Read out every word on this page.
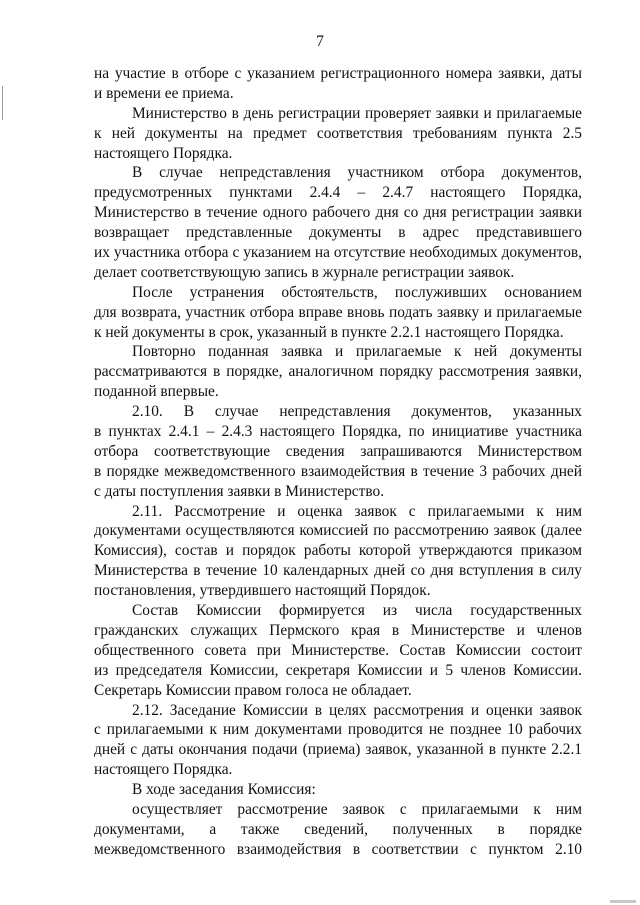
7
на участие в отборе с указанием регистрационного номера заявки, даты
и времени ее приема.
Министерство в день регистрации проверяет заявки и прилагаемые
к ней документы на предмет соответствия требованиям пункта 2.5
настоящего Порядка.
В случае непредставления участником отбора документов,
предусмотренных пунктами 2.4.4 – 2.4.7 настоящего Порядка,
Министерство в течение одного рабочего дня со дня регистрации заявки
возвращает представленные документы в адрес представившего
их участника отбора с указанием на отсутствие необходимых документов,
делает соответствующую запись в журнале регистрации заявок.
После устранения обстоятельств, послуживших основанием
для возврата, участник отбора вправе вновь подать заявку и прилагаемые
к ней документы в срок, указанный в пункте 2.2.1 настоящего Порядка.
Повторно поданная заявка и прилагаемые к ней документы
рассматриваются в порядке, аналогичном порядку рассмотрения заявки,
поданной впервые.
2.10. В случае непредставления документов, указанных
в пунктах 2.4.1 – 2.4.3 настоящего Порядка, по инициативе участника
отбора соответствующие сведения запрашиваются Министерством
в порядке межведомственного взаимодействия в течение 3 рабочих дней
с даты поступления заявки в Министерство.
2.11. Рассмотрение и оценка заявок с прилагаемыми к ним
документами осуществляются комиссией по рассмотрению заявок (далее
Комиссия), состав и порядок работы которой утверждаются приказом
Министерства в течение 10 календарных дней со дня вступления в силу
постановления, утвердившего настоящий Порядок.
Состав Комиссии формируется из числа государственных
гражданских служащих Пермского края в Министерстве и членов
общественного совета при Министерстве. Состав Комиссии состоит
из председателя Комиссии, секретаря Комиссии и 5 членов Комиссии.
Секретарь Комиссии правом голоса не обладает.
2.12. Заседание Комиссии в целях рассмотрения и оценки заявок
с прилагаемыми к ним документами проводится не позднее 10 рабочих
дней с даты окончания подачи (приема) заявок, указанной в пункте 2.2.1
настоящего Порядка.
В ходе заседания Комиссия:
осуществляет рассмотрение заявок с прилагаемыми к ним
документами, а также сведений, полученных в порядке
межведомственного взаимодействия в соответствии с пунктом 2.10
